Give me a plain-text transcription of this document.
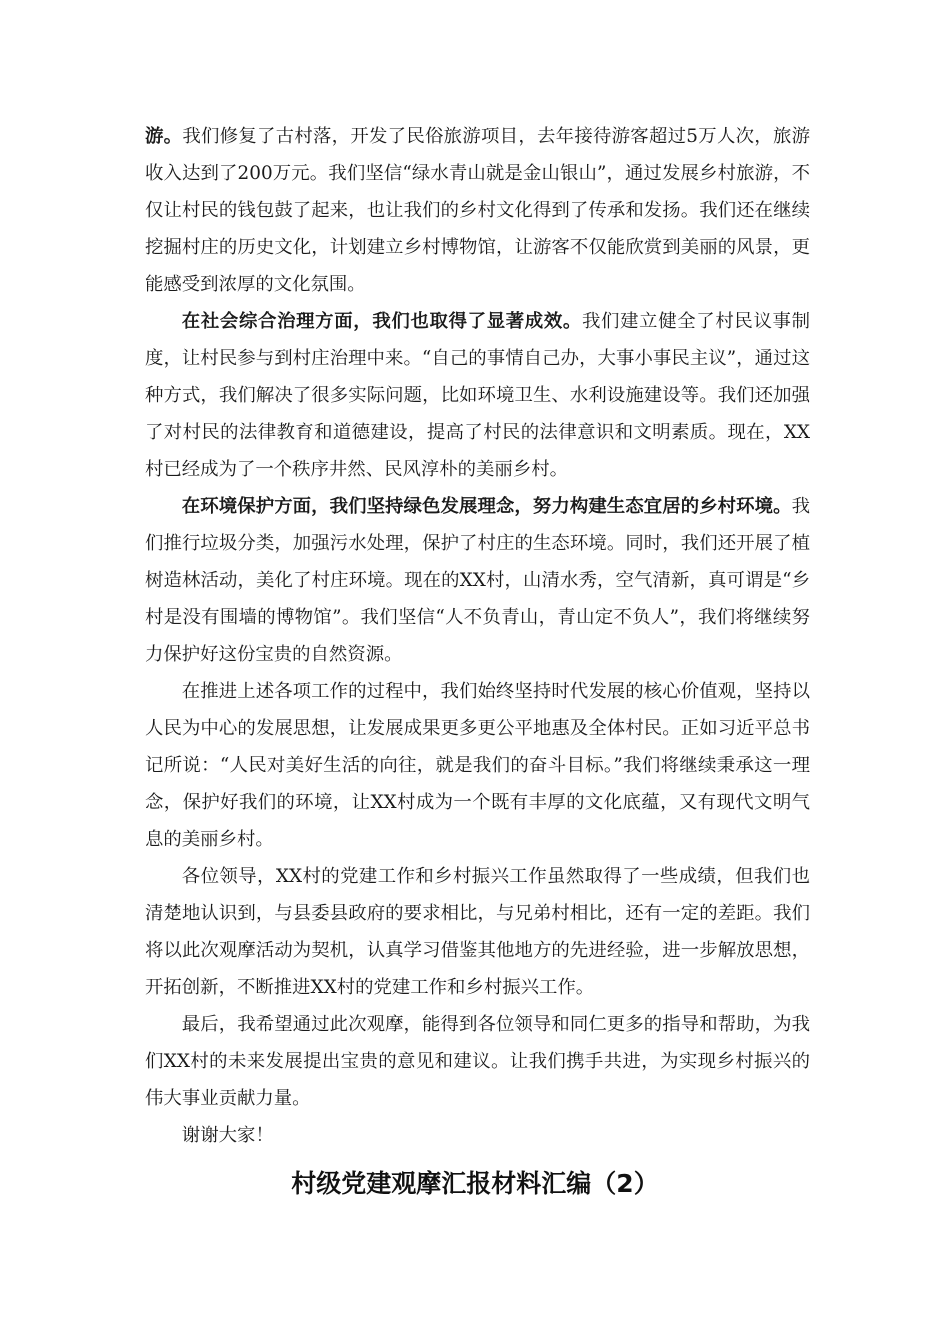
游。我们修复了古村落，开发了民俗旅游项目，去年接待游客超过5万人次，旅游收入达到了200万元。我们坚信“绿水青山就是金山银山”，通过发展乡村旅游，不仅让村民的钱包鼓了起来，也让我们的乡村文化得到了传承和发扬。我们还在继续挖掘村庄的历史文化，计划建立乡村博物馆，让游客不仅能欣赏到美丽的风景，更能感受到浓厚的文化氛围。

在社会综合治理方面，我们也取得了显著成效。我们建立健全了村民议事制度，让村民参与到村庄治理中来。“自己的事情自己办，大事小事民主议”，通过这种方式，我们解决了很多实际问题，比如环境卫生、水利设施建设等。我们还加强了对村民的法律教育和道德建设，提高了村民的法律意识和文明素质。现在，XX村已经成为了一个秩序井然、民风淳朴的美丽乡村。

在环境保护方面，我们坚持绿色发展理念，努力构建生态宜居的乡村环境。我们推行垃圾分类，加强污水处理，保护了村庄的生态环境。同时，我们还开展了植树造林活动，美化了村庄环境。现在的XX村，山清水秀，空气清新，真可谓是“乡村是没有围墙的博物馆”。我们坚信“人不负青山，青山定不负人”，我们将继续努力保护好这份宝贵的自然资源。

在推进上述各项工作的过程中，我们始终坚持时代发展的核心价值观，坚持以人民为中心的发展思想，让发展成果更多更公平地惠及全体村民。正如习近平总书记所说：“人民对美好生活的向往，就是我们的奋斗目标。”我们将继续秉承这一理念，保护好我们的环境，让XX村成为一个既有丰厚的文化底蕴，又有现代文明气息的美丽乡村。

各位领导，XX村的党建工作和乡村振兴工作虽然取得了一些成绩，但我们也清楚地认识到，与县委县政府的要求相比，与兄弟村相比，还有一定的差距。我们将以此次观摩活动为契机，认真学习借鉴其他地方的先进经验，进一步解放思想，开拓创新，不断推进XX村的党建工作和乡村振兴工作。

最后，我希望通过此次观摩，能得到各位领导和同仁更多的指导和帮助，为我们XX村的未来发展提出宝贵的意见和建议。让我们携手共进，为实现乡村振兴的伟大事业贡献力量。

谢谢大家！

村级党建观摩汇报材料汇编（2）
